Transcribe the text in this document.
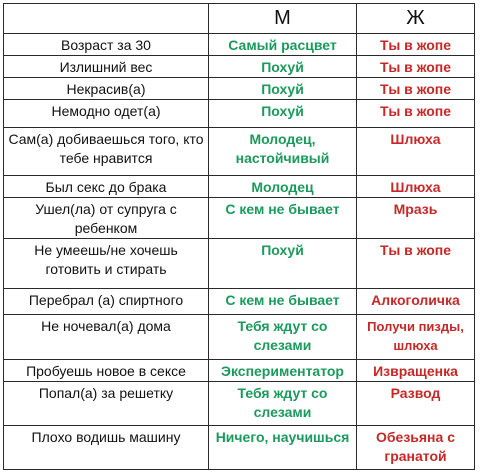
	М	Ж
Возраст за 30	Самый расцвет	Ты в жопе
Излишний вес	Похуй	Ты в жопе
Некрасив(а)	Похуй	Ты в жопе
Немодно одет(а)	Похуй	Ты в жопе
Сам(а) добиваешься того, кто тебе нравится	Молодец, настойчивый	Шлюха
Был секс до брака	Молодец	Шлюха
Ушел(ла) от супруга с ребенком	С кем не бывает	Мразь
Не умеешь/не хочешь готовить и стирать	Похуй	Ты в жопе
Перебрал (а) спиртного	С кем не бывает	Алкоголичка
Не ночевал(а) дома	Тебя ждут со слезами	Получи пизды, шлюха
Пробуешь новое в сексе	Экспериментатор	Извращенка
Попал(а) за решетку	Тебя ждут со слезами	Развод
Плохо водишь машину	Ничего, научишься	Обезьяна с гранатой
